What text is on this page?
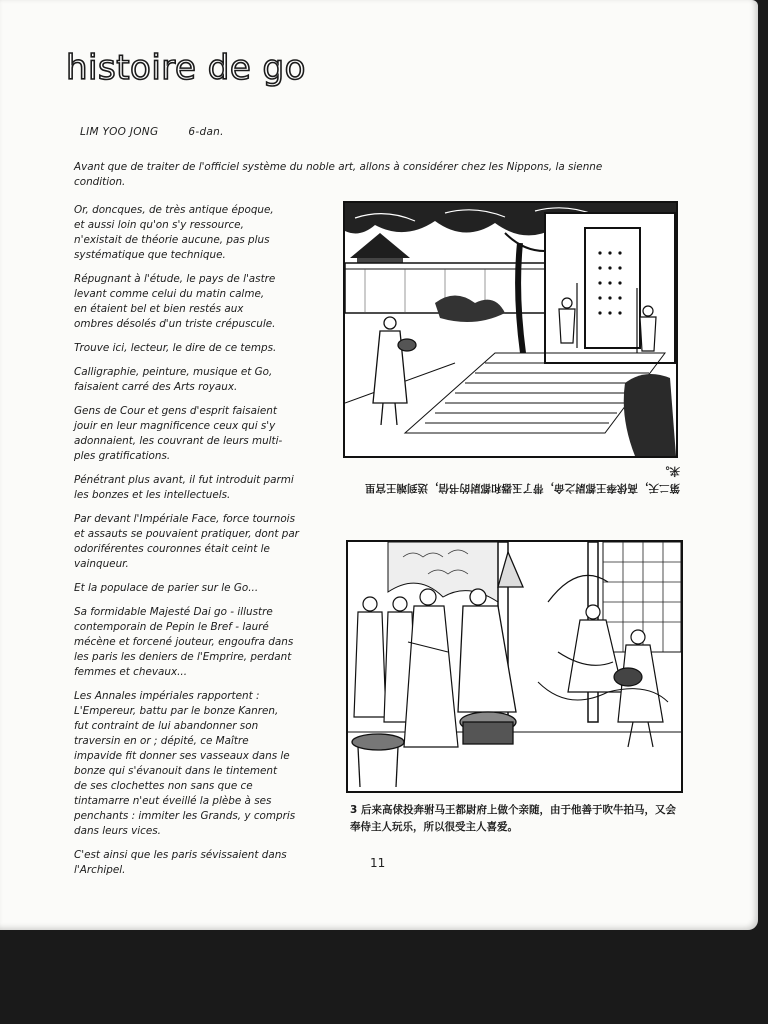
histoire de go
LIM YOO JONG	6-dan.

Avant que de traiter de l'officiel système du noble art, allons à considérer chez les Nippons, la sienne condition.

Or, doncques, de très antique époque,
et aussi loin qu'on s'y ressource,
n'existait de théorie aucune, pas plus
systématique que technique.

Répugnant à l'étude, le pays de l'astre
levant comme celui du matin calme,
en étaient bel et bien restés aux
ombres désolés d'un triste crépuscule.

Trouve ici, lecteur, le dire de ce temps.

Calligraphie, peinture, musique et Go,
faisaient carré des Arts royaux.

Gens de Cour et gens d'esprit faisaient
jouir en leur magnificence ceux qui s'y
adonnaient, les couvrant de leurs multi-
ples gratifications.

Pénétrant plus avant, il fut introduit parmi
les bonzes et les intellectuels.

Par devant l'Impériale Face, force tournois
et assauts se pouvaient pratiquer, dont par
odoriférentes couronnes était ceint le
vainqueur.

Et la populace de parier sur le Go...

Sa formidable Majesté Dai go - illustre
contemporain de Pepin le Bref - lauré
mécène et forcené jouteur, engoufra dans
les paris les deniers de l'Emprire, perdant
femmes et chevaux...

Les Annales impériales rapportent :
L'Empereur, battu par le bonze Kanren,
fut contraint de lui abandonner son
traversin en or ; dépité, ce Maître
impavide fit donner ses vasseaux dans le
bonze qui s'évanouit dans le tintement
de ses clochettes non sans que ce
tintamarre n'eut éveillé la plèbe à ses
penchants : immiter les Grands, y compris
dans leurs vices.

C'est ainsi que les paris sévissaient dans
l'Archipel.

第二天，高俅奉王都尉之命，带了玉器和都尉的书信，送到端王宫里来。
3 后来高俅投奔驸马王都尉府上做个亲随，由于他善于吹牛拍马，又会奉侍主人玩乐，所以很受主人喜爱。
11
